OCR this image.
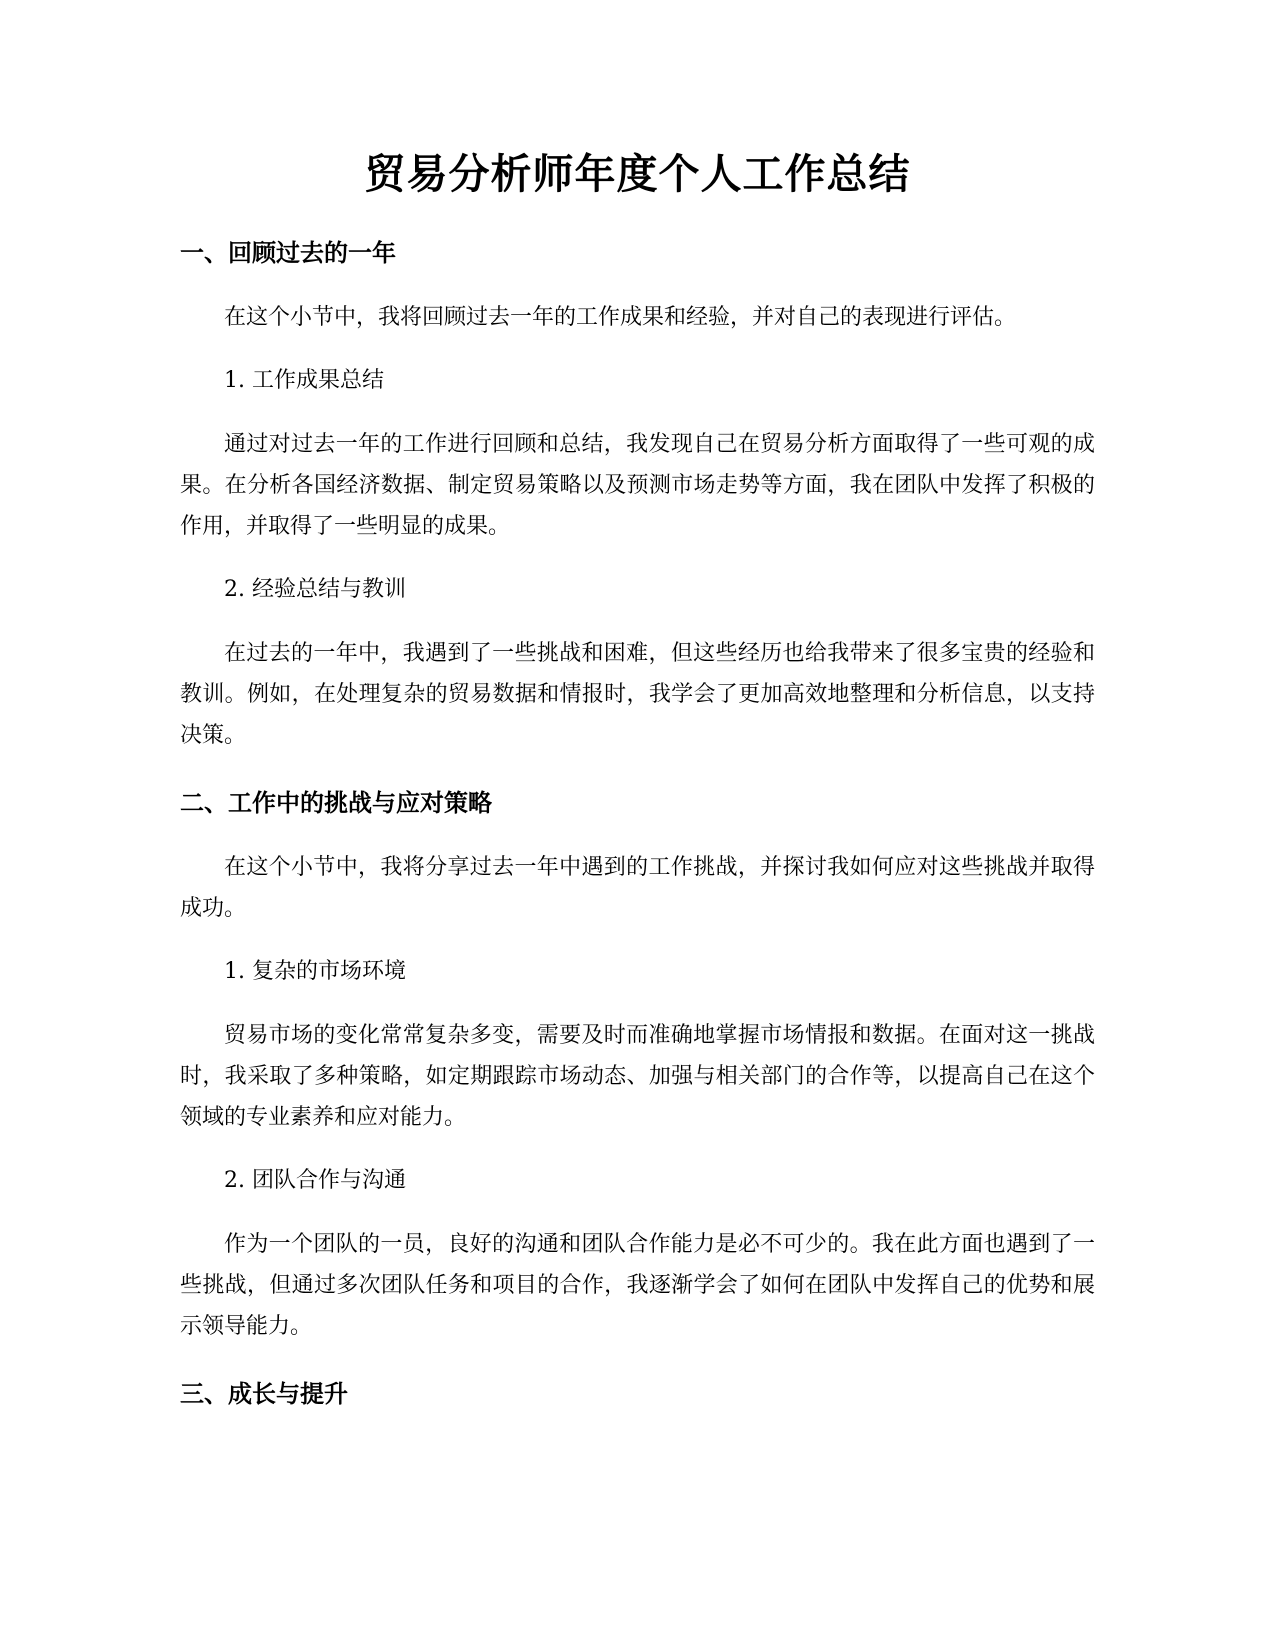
贸易分析师年度个人工作总结
一、回顾过去的一年

在这个小节中，我将回顾过去一年的工作成果和经验，并对自己的表现进行评估。

1. 工作成果总结

通过对过去一年的工作进行回顾和总结，我发现自己在贸易分析方面取得了一些可观的成果。在分析各国经济数据、制定贸易策略以及预测市场走势等方面，我在团队中发挥了积极的作用，并取得了一些明显的成果。

2. 经验总结与教训

在过去的一年中，我遇到了一些挑战和困难，但这些经历也给我带来了很多宝贵的经验和教训。例如，在处理复杂的贸易数据和情报时，我学会了更加高效地整理和分析信息，以支持决策。

二、工作中的挑战与应对策略

在这个小节中，我将分享过去一年中遇到的工作挑战，并探讨我如何应对这些挑战并取得成功。

1. 复杂的市场环境

贸易市场的变化常常复杂多变，需要及时而准确地掌握市场情报和数据。在面对这一挑战时，我采取了多种策略，如定期跟踪市场动态、加强与相关部门的合作等，以提高自己在这个领域的专业素养和应对能力。

2. 团队合作与沟通

作为一个团队的一员，良好的沟通和团队合作能力是必不可少的。我在此方面也遇到了一些挑战，但通过多次团队任务和项目的合作，我逐渐学会了如何在团队中发挥自己的优势和展示领导能力。

三、成长与提升
